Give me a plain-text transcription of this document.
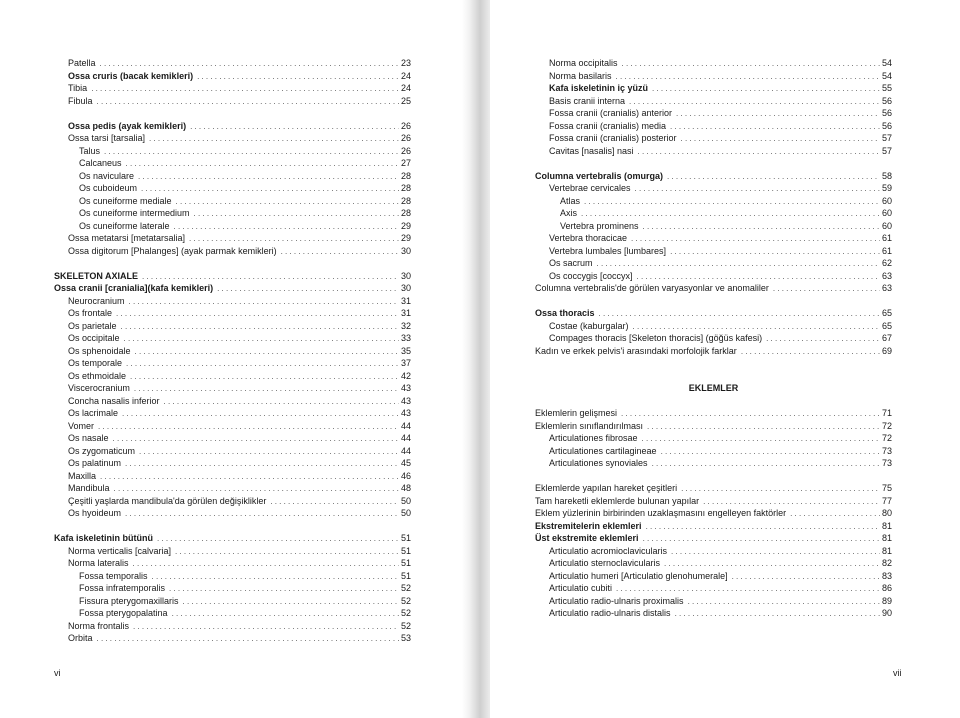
Patella .....	23
Ossa cruris (bacak kemikleri) .....	24
Tibia .....	24
Fibula .....	25
Ossa pedis (ayak kemikleri) .....	26
Ossa tarsi [tarsalia] .....	26
Talus .....	26
Calcaneus .....	27
Os naviculare .....	28
Os cuboideum .....	28
Os cuneiforme mediale .....	28
Os cuneiforme intermedium .....	28
Os cuneiforme laterale .....	29
Ossa metatarsi [metatarsalia] .....	29
Ossa digitorum [Phalanges] (ayak parmak kemikleri) .....	30
SKELETON AXIALE .....	30
Ossa cranii [cranialia](kafa kemikleri) .....	30
Neurocranium .....	31
Os frontale .....	31
Os parietale .....	32
Os occipitale .....	33
Os sphenoidale .....	35
Os temporale .....	37
Os ethmoidale .....	42
Viscerocranium .....	43
Concha nasalis inferior .....	43
Os lacrimale .....	43
Vomer .....	44
Os nasale .....	44
Os zygomaticum .....	44
Os palatinum .....	45
Maxilla .....	46
Mandibula .....	48
Çeşitli yaşlarda mandibula'da görülen değişiklikler .....	50
Os hyoideum .....	50
Kafa iskeletinin bütünü .....	51
Norma verticalis [calvaria] .....	51
Norma lateralis .....	51
Fossa temporalis .....	51
Fossa infratemporalis .....	52
Fissura pterygomaxillaris .....	52
Fossa pterygopalatina .....	52
Norma frontalis .....	52
Orbita .....	53
vi
Norma occipitalis .....	54
Norma basilaris .....	54
Kafa iskeletinin iç yüzü .....	55
Basis cranii interna .....	56
Fossa cranii (cranialis) anterior .....	56
Fossa cranii (cranialis) media .....	56
Fossa cranii (cranialis) posterior .....	57
Cavitas [nasalis] nasi .....	57
Columna vertebralis (omurga) .....	58
Vertebrae cervicales .....	59
Atlas .....	60
Axis .....	60
Vertebra prominens .....	60
Vertebra thoracicae .....	61
Vertebra lumbales [lumbares] .....	61
Os sacrum .....	62
Os coccygis [coccyx] .....	63
Columna vertebralis'de görülen varyasyonlar ve anomaliler .....	63
Ossa thoracis .....	65
Costae (kaburgalar) .....	65
Compages thoracis [Skeleton thoracis] (göğüs kafesi) .....	67
Kadın ve erkek pelvis'i arasındaki morfolojik farklar .....	69
EKLEMLER
Eklemlerin gelişmesi .....	71
Eklemlerin sınıflandırılması .....	72
Articulationes fibrosae .....	72
Articulationes cartilagineae .....	73
Articulationes synoviales .....	73
Eklemlerde yapılan hareket çeşitleri .....	75
Tam hareketli eklemlerde bulunan yapılar .....	77
Eklem yüzlerinin birbirinden uzaklaşmasını engelleyen faktörler .....	80
Ekstremitelerin eklemleri .....	81
Üst ekstremite eklemleri .....	81
Articulatio acromioclavicularis .....	81
Articulatio sternoclavicularis .....	82
Articulatio humeri [Articulatio glenohumerale] .....	83
Articulatio cubiti .....	86
Articulatio radio-ulnaris proximalis .....	89
Articulatio radio-ulnaris distalis .....	90
vii
